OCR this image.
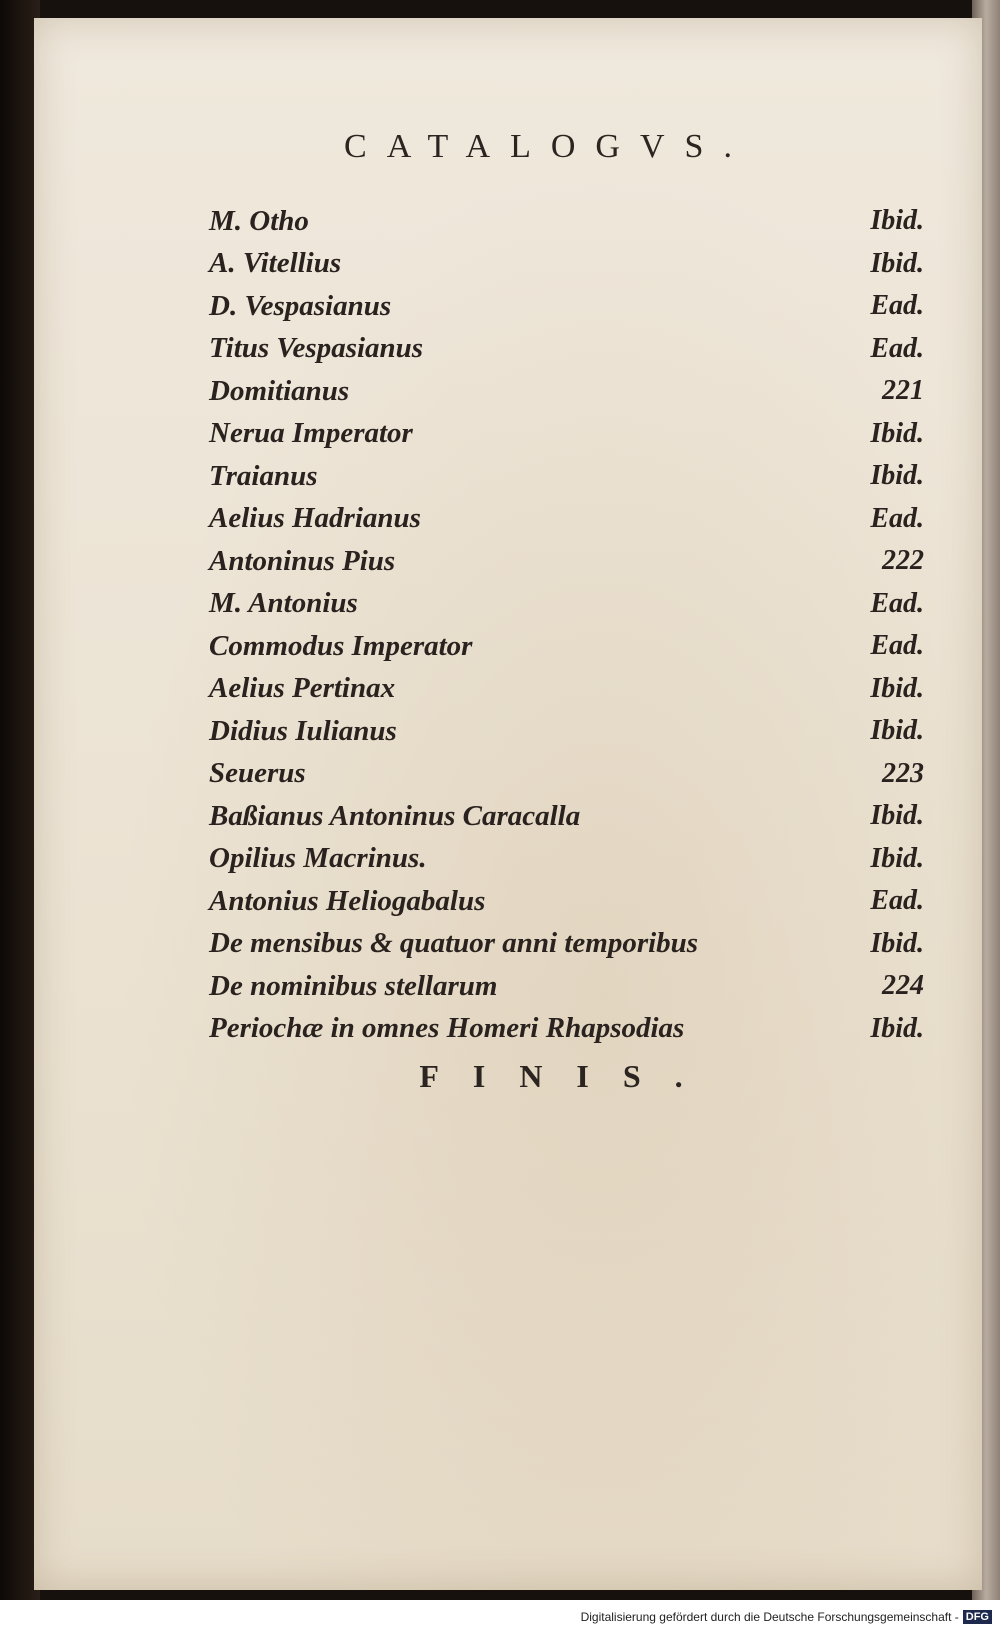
CATALOGVS.
M. Otho	Ibid.
A. Vitellius	Ibid.
D. Vespasianus	Ead.
Titus Vespasianus	Ead.
Domitianus	221
Nerua Imperator	Ibid.
Traianus	Ibid.
Aelius Hadrianus	Ead.
Antoninus Pius	222
M. Antonius	Ead.
Commodus Imperator	Ead.
Aelius Pertinax	Ibid.
Didius Iulianus	Ibid.
Seuerus	223
Baßianus Antoninus Caracalla	Ibid.
Opilius Macrinus.	Ibid.
Antonius Heliogabalus	Ead.
De mensibus & quatuor anni temporibus	Ibid.
De nominibus stellarum	224
Periochæ in omnes Homeri Rhapsodias	Ibid.
FINIS.
Digitalisierung gefördert durch die Deutsche Forschungsgemeinschaft - DFG
